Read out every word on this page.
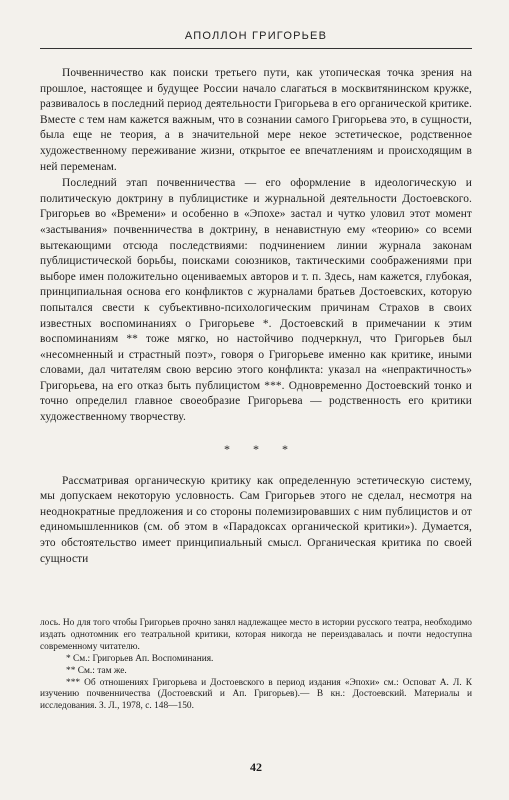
АПОЛЛОН ГРИГОРЬЕВ

Почвенничество как поиски третьего пути, как утопическая точка зрения на прошлое, настоящее и будущее России начало слагаться в москвитянинском кружке, развивалось в последний период деятельности Григорьева в его органической критике. Вместе с тем нам кажется важным, что в сознании самого Григорьева это, в сущности, была еще не теория, а в значительной мере некое эстетическое, родственное художественному переживание жизни, открытое ее впечатлениям и происходящим в ней переменам.

Последний этап почвенничества — его оформление в идеологическую и политическую доктрину в публицистике и журнальной деятельности Достоевского. Григорьев во «Времени» и особенно в «Эпохе» застал и чутко уловил этот момент «застывания» почвенничества в доктрину, в ненавистную ему «теорию» со всеми вытекающими отсюда последствиями: подчинением линии журнала законам публицистической борьбы, поисками союзников, тактическими соображениями при выборе имен положительно оцениваемых авторов и т. п. Здесь, нам кажется, глубокая, принципиальная основа его конфликтов с журналами братьев Достоевских, которую попытался свести к субъективно-психологическим причинам Страхов в своих известных воспоминаниях о Григорьеве *. Достоевский в примечании к этим воспоминаниям ** тоже мягко, но настойчиво подчеркнул, что Григорьев был «несомненный и страстный поэт», говоря о Григорьеве именно как критике, иными словами, дал читателям свою версию этого конфликта: указал на «непрактичность» Григорьева, на его отказ быть публицистом ***. Одновременно Достоевский тонко и точно определил главное своеобразие Григорьева — родственность его критики художественному творчеству.

* * *

Рассматривая органическую критику как определенную эстетическую систему, мы допускаем некоторую условность. Сам Григорьев этого не сделал, несмотря на неоднократные предложения и со стороны полемизировавших с ним публицистов и от единомышленников (см. об этом в «Парадоксах органической критики»). Думается, это обстоятельство имеет принципиальный смысл. Органическая критика по своей сущности

лось. Но для того чтобы Григорьев прочно занял надлежащее место в истории русского театра, необходимо издать однотомник его театральной критики, которая никогда не переиздавалась и почти недоступна современному читателю.

* См.: Григорьев Ап. Воспоминания.

** См.: там же.

*** Об отношениях Григорьева и Достоевского в период издания «Эпохи» см.: Осповат А. Л. К изучению почвенничества (Достоевский и Ап. Григорьев).— В кн.: Достоевский. Материалы и исследования. З. Л., 1978, с. 148—150.

42
